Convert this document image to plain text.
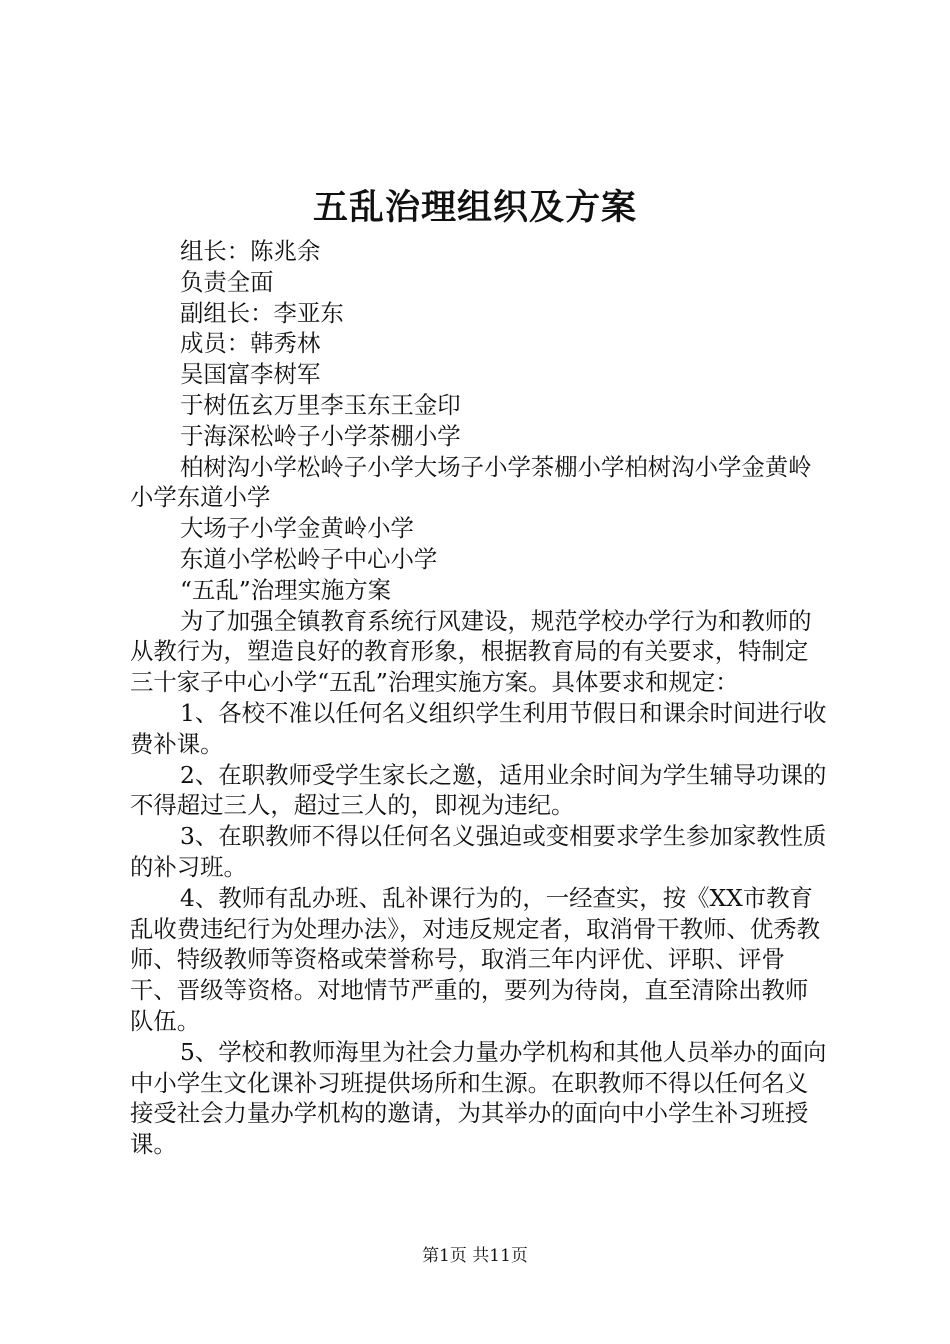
五乱治理组织及方案

组长：陈兆余

负责全面

副组长：李亚东

成员：韩秀林

吴国富李树军

于树伍玄万里李玉东王金印

于海深松岭子小学茶棚小学

柏树沟小学松岭子小学大场子小学茶棚小学柏树沟小学金黄岭小学东道小学

大场子小学金黄岭小学

东道小学松岭子中心小学

“五乱”治理实施方案

为了加强全镇教育系统行风建设，规范学校办学行为和教师的从教行为，塑造良好的教育形象，根据教育局的有关要求，特制定三十家子中心小学“五乱”治理实施方案。具体要求和规定：

1、各校不准以任何名义组织学生利用节假日和课余时间进行收费补课。

2、在职教师受学生家长之邀，适用业余时间为学生辅导功课的不得超过三人，超过三人的，即视为违纪。

3、在职教师不得以任何名义强迫或变相要求学生参加家教性质的补习班。

4、教师有乱办班、乱补课行为的，一经查实，按《XX市教育乱收费违纪行为处理办法》，对违反规定者，取消骨干教师、优秀教师、特级教师等资格或荣誉称号，取消三年内评优、评职、评骨干、晋级等资格。对地情节严重的，要列为待岗，直至清除出教师队伍。

5、学校和教师海里为社会力量办学机构和其他人员举办的面向中小学生文化课补习班提供场所和生源。在职教师不得以任何名义接受社会力量办学机构的邀请，为其举办的面向中小学生补习班授课。

第1页 共11页
